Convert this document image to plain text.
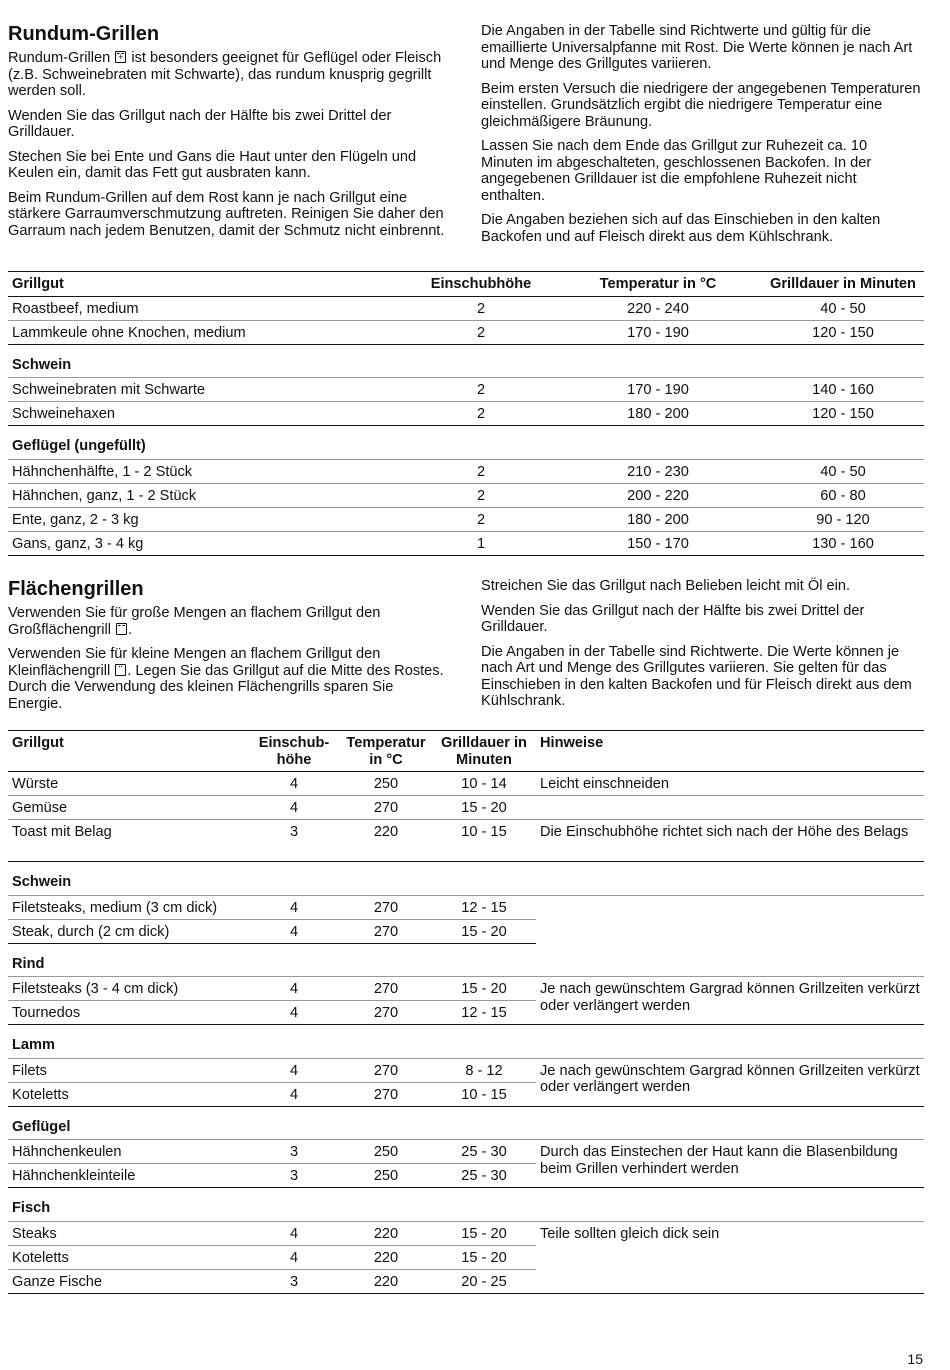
Rundum-Grillen

Rundum-Grillen + ist besonders geeignet für Geflügel oder Fleisch (z.B. Schweinebraten mit Schwarte), das rundum knusprig gegrillt werden soll.

Wenden Sie das Grillgut nach der Hälfte bis zwei Drittel der Grilldauer.

Stechen Sie bei Ente und Gans die Haut unter den Flügeln und Keulen ein, damit das Fett gut ausbraten kann.

Beim Rundum-Grillen auf dem Rost kann je nach Grillgut eine stärkere Garraumverschmutzung auftreten. Reinigen Sie daher den Garraum nach jedem Benutzen, damit der Schmutz nicht einbrennt.

Die Angaben in der Tabelle sind Richtwerte und gültig für die emaillierte Universalpfanne mit Rost. Die Werte können je nach Art und Menge des Grillgutes variieren.

Beim ersten Versuch die niedrigere der angegebenen Temperaturen einstellen. Grundsätzlich ergibt die niedrigere Temperatur eine gleichmäßigere Bräunung.

Lassen Sie nach dem Ende das Grillgut zur Ruhezeit ca. 10 Minuten im abgeschalteten, geschlossenen Backofen. In der angegebenen Grilldauer ist die empfohlene Ruhezeit nicht enthalten.

Die Angaben beziehen sich auf das Einschieben in den kalten Backofen und auf Fleisch direkt aus dem Kühlschrank.

Grillgut	Einschubhöhe	Temperatur in °C	Grilldauer in Minuten
Roastbeef, medium	2	220 - 240	40 - 50
Lammkeule ohne Knochen, medium	2	170 - 190	120 - 150
Schwein			
Schweinebraten mit Schwarte	2	170 - 190	140 - 160
Schweinehaxen	2	180 - 200	120 - 150
Geflügel (ungefüllt)			
Hähnchenhälfte, 1 - 2 Stück	2	210 - 230	40 - 50
Hähnchen, ganz, 1 - 2 Stück	2	200 - 220	60 - 80
Ente, ganz, 2 - 3 kg	2	180 - 200	90 - 120
Gans, ganz, 3 - 4 kg	1	150 - 170	130 - 160
Flächengrillen

Verwenden Sie für große Mengen an flachem Grillgut den Großflächengrill .

Verwenden Sie für kleine Mengen an flachem Grillgut den Kleinflächengrill . Legen Sie das Grillgut auf die Mitte des Rostes. Durch die Verwendung des kleinen Flächengrills sparen Sie Energie.

Streichen Sie das Grillgut nach Belieben leicht mit Öl ein.

Wenden Sie das Grillgut nach der Hälfte bis zwei Drittel der Grilldauer.

Die Angaben in der Tabelle sind Richtwerte. Die Werte können je nach Art und Menge des Grillgutes variieren. Sie gelten für das Einschieben in den kalten Backofen und für Fleisch direkt aus dem Kühlschrank.

Grillgut	Einschubhöhe	Temperatur in °C	Grilldauer in Minuten	Hinweise
Würste	4	250	10 - 14	Leicht einschneiden
Gemüse	4	270	15 - 20	
Toast mit Belag	3	220	10 - 15	Die Einschubhöhe richtet sich nach der Höhe des Belags
Schwein				
Filetsteaks, medium (3 cm dick)	4	270	12 - 15	
Steak, durch (2 cm dick)	4	270	15 - 20	
Rind				
Filetsteaks (3 - 4 cm dick)	4	270	15 - 20	Je nach gewünschtem Gargrad können Grillzeiten verkürzt oder verlängert werden
Tournedos	4	270	12 - 15	
Lamm				
Filets	4	270	8 - 12	Je nach gewünschtem Gargrad können Grillzeiten verkürzt oder verlängert werden
Koteletts	4	270	10 - 15	
Geflügel				
Hähnchenkeulen	3	250	25 - 30	Durch das Einstechen der Haut kann die Blasenbildung beim Grillen verhindert werden
Hähnchenkleinteile	3	250	25 - 30	
Fisch				
Steaks	4	220	15 - 20	Teile sollten gleich dick sein
Koteletts	4	220	15 - 20	
Ganze Fische	3	220	20 - 25	
15
